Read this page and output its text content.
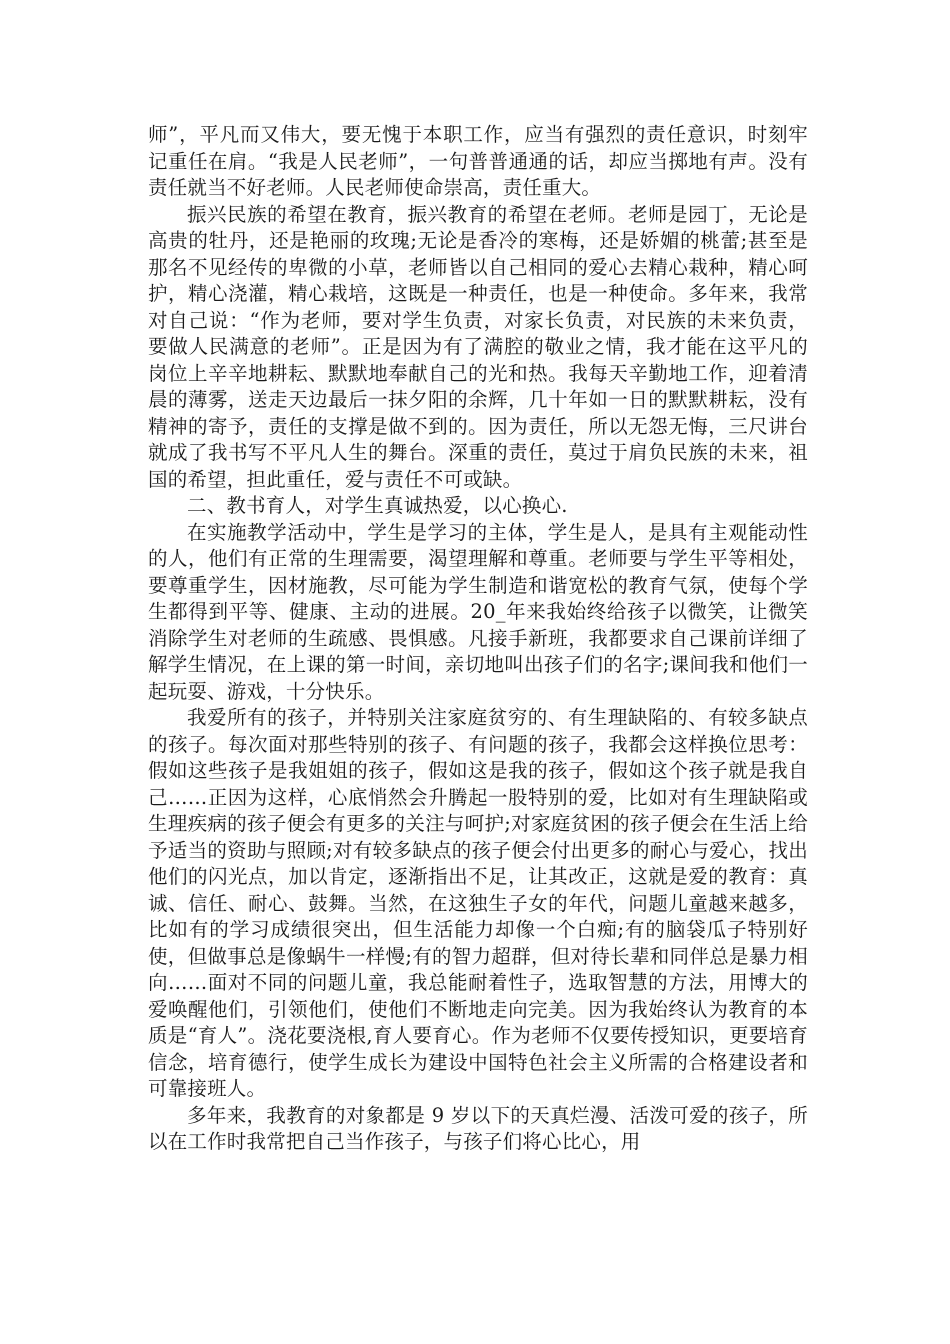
师”，平凡而又伟大，要无愧于本职工作，应当有强烈的责任意识，时刻牢记重任在肩。“我是人民老师”，一句普普通通的话，却应当掷地有声。没有责任就当不好老师。人民老师使命崇高，责任重大。

振兴民族的希望在教育，振兴教育的希望在老师。老师是园丁，无论是高贵的牡丹，还是艳丽的玫瑰;无论是香冷的寒梅，还是娇媚的桃蕾;甚至是那名不见经传的卑微的小草，老师皆以自己相同的爱心去精心栽种，精心呵护，精心浇灌，精心栽培，这既是一种责任，也是一种使命。多年来，我常对自己说：“作为老师，要对学生负责，对家长负责，对民族的未来负责，要做人民满意的老师”。正是因为有了满腔的敬业之情，我才能在这平凡的岗位上辛辛地耕耘、默默地奉献自己的光和热。我每天辛勤地工作，迎着清晨的薄雾，送走天边最后一抹夕阳的余辉，几十年如一日的默默耕耘，没有精神的寄予，责任的支撑是做不到的。因为责任，所以无怨无悔，三尺讲台就成了我书写不平凡人生的舞台。深重的责任，莫过于肩负民族的未来，祖国的希望，担此重任，爱与责任不可或缺。

二、教书育人，对学生真诚热爱，以心换心.

在实施教学活动中，学生是学习的主体，学生是人，是具有主观能动性的人，他们有正常的生理需要，渴望理解和尊重。老师要与学生平等相处，要尊重学生，因材施教，尽可能为学生制造和谐宽松的教育气氛，使每个学生都得到平等、健康、主动的进展。20_年来我始终给孩子以微笑，让微笑消除学生对老师的生疏感、畏惧感。凡接手新班，我都要求自己课前详细了解学生情况，在上课的第一时间，亲切地叫出孩子们的名字;课间我和他们一起玩耍、游戏，十分快乐。

我爱所有的孩子，并特别关注家庭贫穷的、有生理缺陷的、有较多缺点的孩子。每次面对那些特别的孩子、有问题的孩子，我都会这样换位思考：假如这些孩子是我姐姐的孩子，假如这是我的孩子，假如这个孩子就是我自己……正因为这样，心底悄然会升腾起一股特别的爱，比如对有生理缺陷或生理疾病的孩子便会有更多的关注与呵护;对家庭贫困的孩子便会在生活上给予适当的资助与照顾;对有较多缺点的孩子便会付出更多的耐心与爱心，找出他们的闪光点，加以肯定，逐渐指出不足，让其改正，这就是爱的教育：真诚、信任、耐心、鼓舞。当然，在这独生子女的年代，问题儿童越来越多，比如有的学习成绩很突出，但生活能力却像一个白痴;有的脑袋瓜子特别好使，但做事总是像蜗牛一样慢;有的智力超群，但对待长辈和同伴总是暴力相向……面对不同的问题儿童，我总能耐着性子，选取智慧的方法，用博大的爱唤醒他们，引领他们，使他们不断地走向完美。因为我始终认为教育的本质是“育人”。浇花要浇根,育人要育心。作为老师不仅要传授知识，更要培育信念，培育德行，使学生成长为建设中国特色社会主义所需的合格建设者和可靠接班人。

多年来，我教育的对象都是 9 岁以下的天真烂漫、活泼可爱的孩子，所以在工作时我常把自己当作孩子，与孩子们将心比心，用
